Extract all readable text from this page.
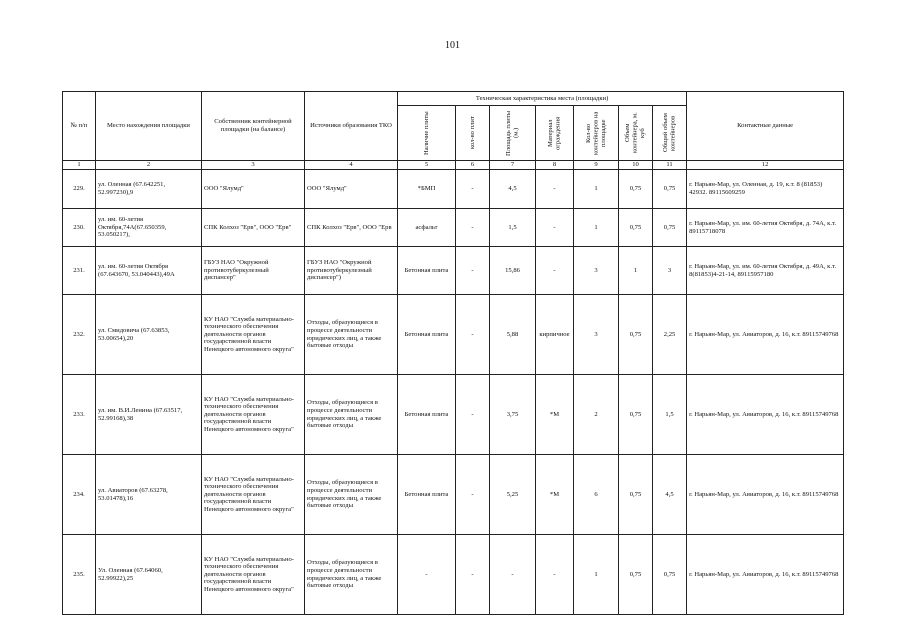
101
№ п/п	Место нахождения площадки	Собственник контейнерной площадки (на балансе)	Источники образования ТКО	Техническая характеристика места (площадки)							Контактные данные

				Наличие плиты	кол-во плит	Площадь плиты (м.)	Материал ограждения	Кол-во контейнеров на площадке	Объем контейнера, м. куб	Общий объем контейнеров	

1	2	3	4	5	6	7	8	9	10	11	12
229.	ул. Оленная (67.642251, 52.997230),9	ООО "Ялумд"	ООО "Ялумд"	*БМП	-	4,5	-	1	0,75	0,75	г. Нарьян-Мар, ул. Оленная, д. 19, к.т. 8 (81853) 42932. 89115609259
230.	ул. им. 60-летия Октября,74А(67.650359, 53.050217),	СПК Колхоз "Ерв", ООО "Ерв"	СПК Колхоз "Ерв", ООО "Ерв	асфальт	-	1,5	-	1	0,75	0,75	г. Нарьян-Мар, ул. им. 60-летия Октября, д. 74А, к.т. 89115718078
231.	ул. им. 60-летия Октября (67.643670, 53.040443),49А	ГБУЗ НАО "Окружной противотуберкулезный диспансер"	ГБУЗ НАО "Окружной противотуберкулезный диспансер")	Бетонная плита	-	15,86	-	3	1	3	г. Нарьян-Мар, ул. им. 60-летия Октября, д. 49А, к.т. 8(81853)4-21-14, 89115957180
232.	ул. Смидовича (67.63853, 53.00654),20	КУ НАО "Служба материально-технического обеспечения деятельности органов государственной власти Ненецкого автономного округа"	Отходы, образующиеся в процессе деятельности юридических лиц, а также бытовые отходы	Бетонная плита	-	5,88	кирпичное	3	0,75	2,25	г. Нарьян-Мар, ул. Авиаторов, д. 16, к.т. 89115749768
233.	ул. им. В.И.Ленина (67.63517, 52.99168),38	КУ НАО "Служба материально-технического обеспечения деятельности органов государственной власти Ненецкого автономного округа"	Отходы, образующиеся в процессе деятельности юридических лиц, а также бытовые отходы	Бетонная плита	-	3,75	*М	2	0,75	1,5	г. Нарьян-Мар, ул. Авиаторов, д. 16, к.т. 89115749768
234.	ул. Авиаторов (67.63278, 53.01478),16	КУ НАО "Служба материально-технического обеспечения деятельности органов государственной власти Ненецкого автономного округа"	Отходы, образующиеся в процессе деятельности юридических лиц, а также бытовые отходы	Бетонная плита	-	5,25	*М	6	0,75	4,5	г. Нарьян-Мар, ул. Авиаторов, д. 16, к.т. 89115749768
235.	Ул. Оленная (67.64060, 52.99922),25	КУ НАО "Служба материально-технического обеспечения деятельности органов государственной власти Ненецкого автономного округа"	Отходы, образующиеся в процессе деятельности юридических лиц, а также бытовые отходы	-	-	-	-	1	0,75	0,75	г. Нарьян-Мар, ул. Авиаторов, д. 16, к.т. 89115749768
